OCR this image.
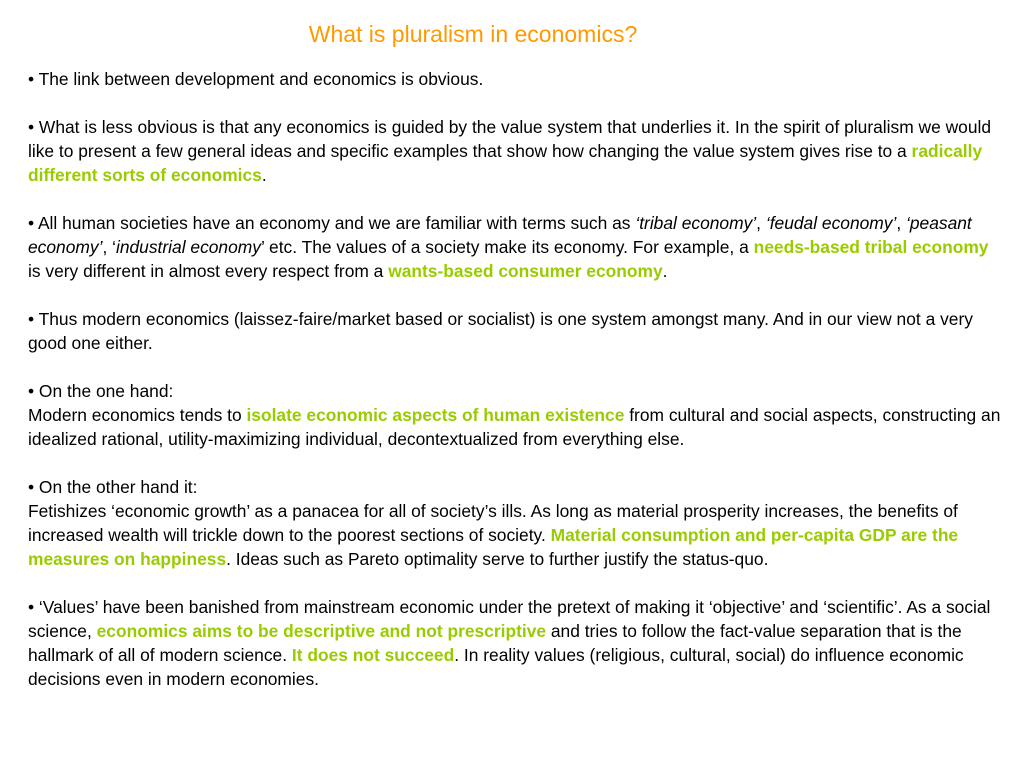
What is pluralism in economics?

• The link between development and economics is obvious.

• What is less obvious is that any economics is guided by the value system that underlies it. In the spirit of pluralism we would like to present a few general ideas and specific examples that show how changing the value system gives rise to a radically different sorts of economics.

• All human societies have an economy and we are familiar with terms such as ‘tribal economy’, ‘feudal economy’, ‘peasant economy’, ‘industrial economy’ etc. The values of a society make its economy. For example, a needs-based tribal economy is very different in almost every respect from a wants-based consumer economy.

• Thus modern economics (laissez-faire/market based or socialist) is one system amongst many. And in our view not a very good one either.

• On the one hand:
Modern economics tends to isolate economic aspects of human existence from cultural and social aspects, constructing an idealized rational, utility-maximizing individual, decontextualized from everything else.

• On the other hand it:
Fetishizes ‘economic growth’ as a panacea for all of society’s ills. As long as material prosperity increases, the benefits of increased wealth will trickle down to the poorest sections of society. Material consumption and per-capita GDP are the measures on happiness. Ideas such as Pareto optimality serve to further justify the status-quo.

• ‘Values’ have been banished from mainstream economic under the pretext of making it ‘objective’ and ‘scientific’. As a social science, economics aims to be descriptive and not prescriptive and tries to follow the fact-value separation that is the hallmark of all of modern science. It does not succeed. In reality values (religious, cultural, social) do influence economic decisions even in modern economies.
